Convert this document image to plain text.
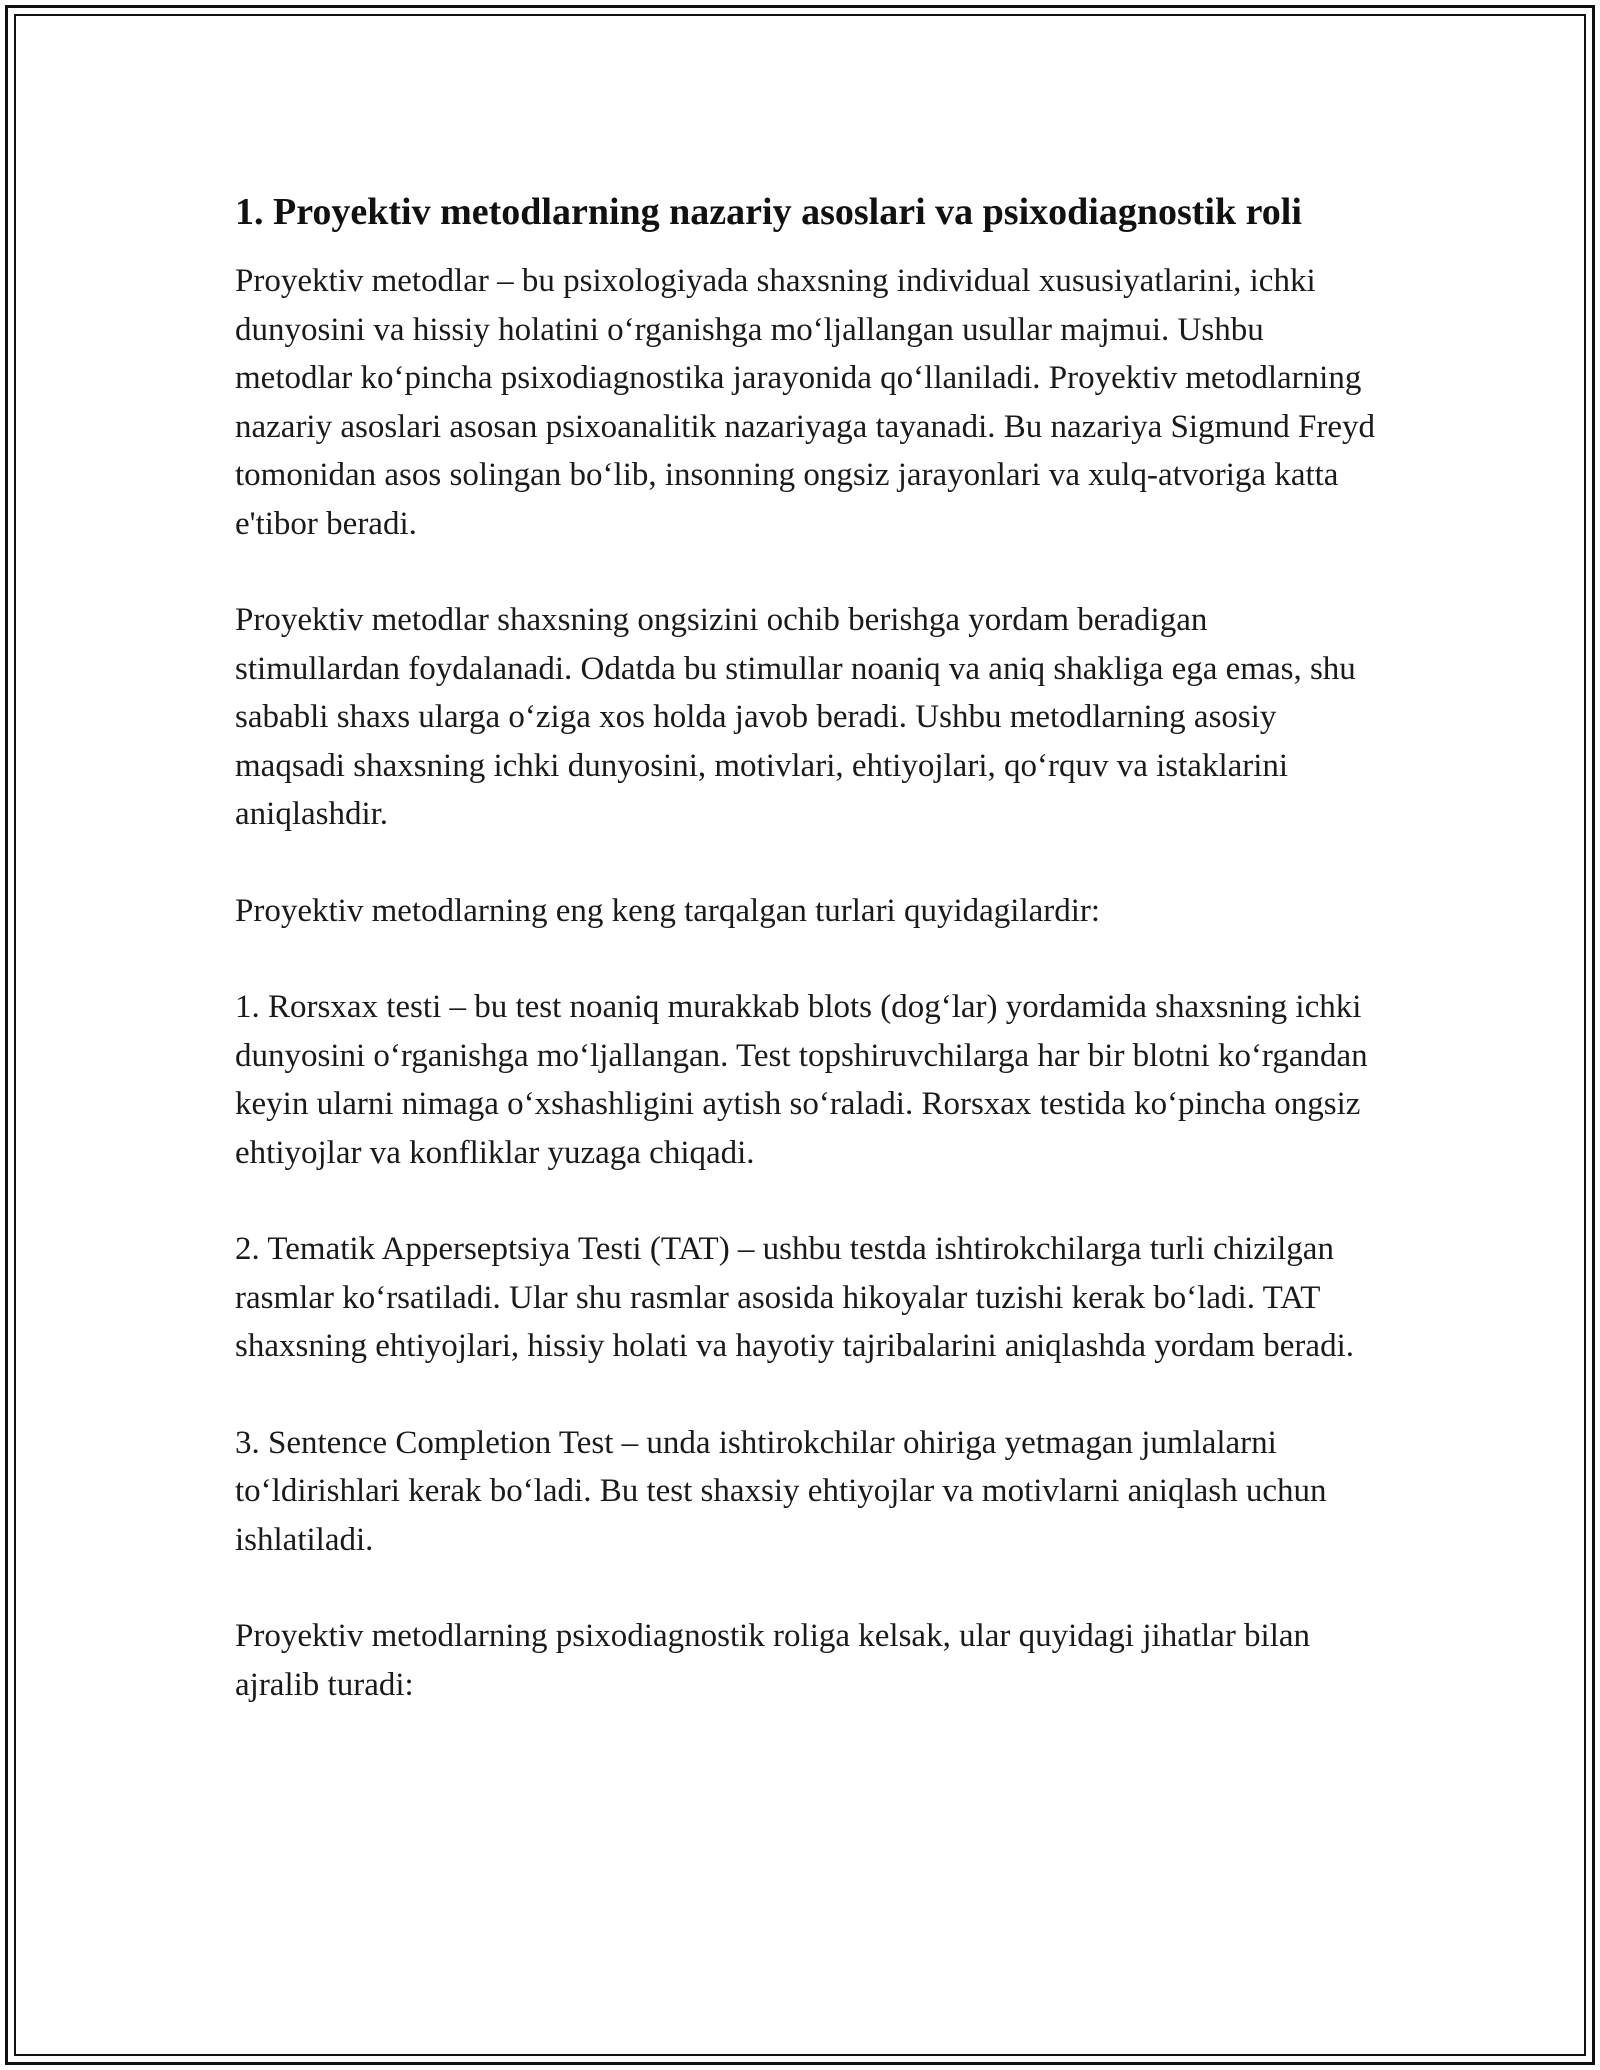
1. Proyektiv metodlarning nazariy asoslari va psixodiagnostik roli

Proyektiv metodlar – bu psixologiyada shaxsning individual xususiyatlarini, ichki dunyosini va hissiy holatini o‘rganishga mo‘ljallangan usullar majmui. Ushbu metodlar ko‘pincha psixodiagnostika jarayonida qo‘llaniladi. Proyektiv metodlarning nazariy asoslari asosan psixoanalitik nazariyaga tayanadi. Bu nazariya Sigmund Freyd tomonidan asos solingan bo‘lib, insonning ongsiz jarayonlari va xulq-atvoriga katta e'tibor beradi.

Proyektiv metodlar shaxsning ongsizini ochib berishga yordam beradigan stimullardan foydalanadi. Odatda bu stimullar noaniq va aniq shakliga ega emas, shu sababli shaxs ularga o‘ziga xos holda javob beradi. Ushbu metodlarning asosiy maqsadi shaxsning ichki dunyosini, motivlari, ehtiyojlari, qo‘rquv va istaklarini aniqlashdir.

Proyektiv metodlarning eng keng tarqalgan turlari quyidagilardir:

1. Rorsxax testi – bu test noaniq murakkab blots (dog‘lar) yordamida shaxsning ichki dunyosini o‘rganishga mo‘ljallangan. Test topshiruvchilarga har bir blotni ko‘rgandan keyin ularni nimaga o‘xshashligini aytish so‘raladi. Rorsxax testida ko‘pincha ongsiz ehtiyojlar va konfliklar yuzaga chiqadi.

2. Tematik Apperseptsiya Testi (TAT) – ushbu testda ishtirokchilarga turli chizilgan rasmlar ko‘rsatiladi. Ular shu rasmlar asosida hikoyalar tuzishi kerak bo‘ladi. TAT shaxsning ehtiyojlari, hissiy holati va hayotiy tajribalarini aniqlashda yordam beradi.

3. Sentence Completion Test – unda ishtirokchilar ohiriga yetmagan jumlalarni to‘ldirishlari kerak bo‘ladi. Bu test shaxsiy ehtiyojlar va motivlarni aniqlash uchun ishlatiladi.

Proyektiv metodlarning psixodiagnostik roliga kelsak, ular quyidagi jihatlar bilan ajralib turadi:
